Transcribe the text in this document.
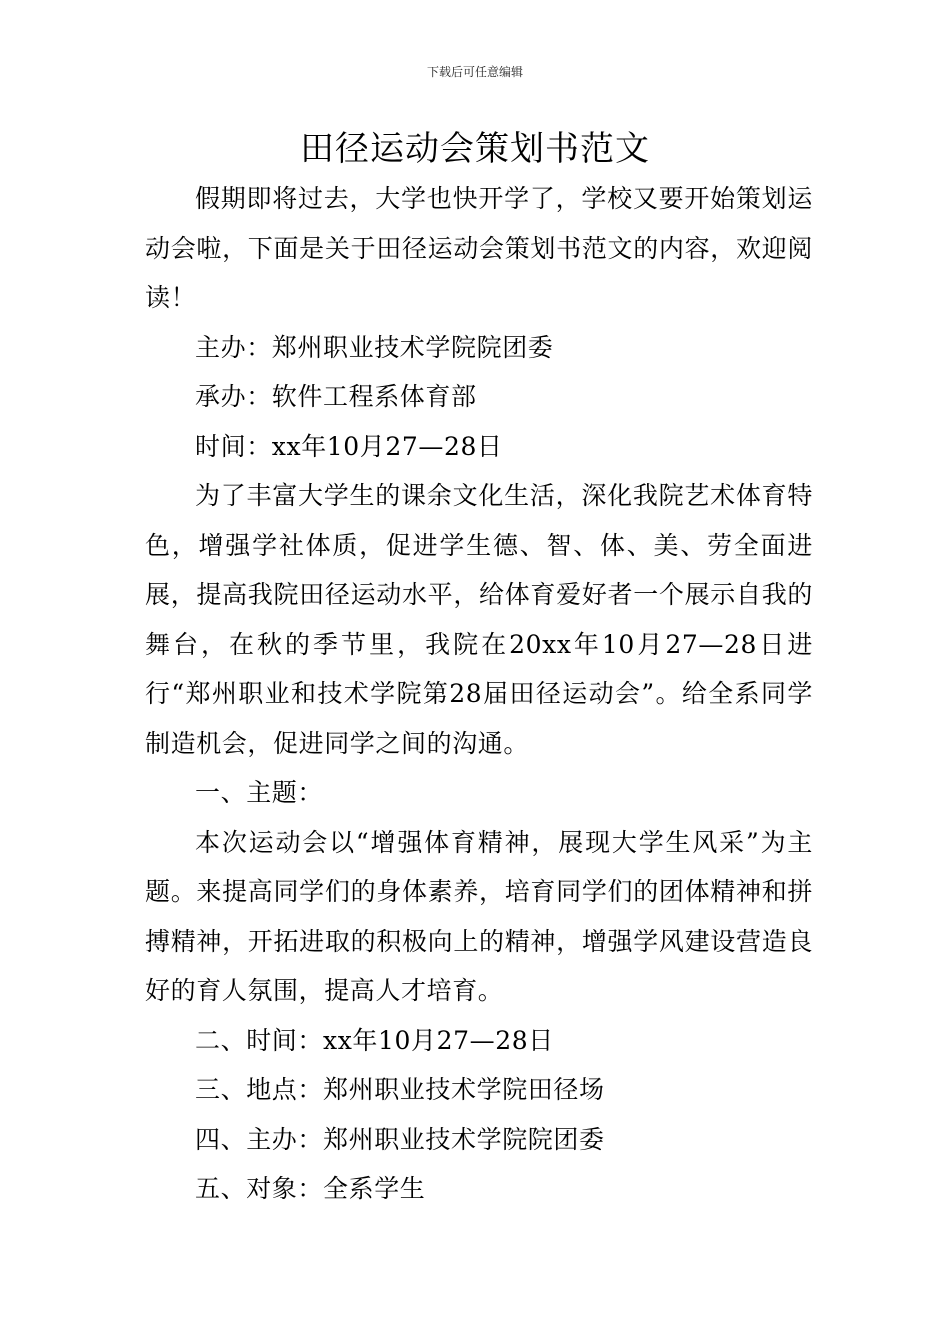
下载后可任意编辑
田径运动会策划书范文

假期即将过去，大学也快开学了，学校又要开始策划运动会啦，下面是关于田径运动会策划书范文的内容，欢迎阅读！

主办：郑州职业技术学院院团委

承办：软件工程系体育部

时间：xx年10月27—28日

为了丰富大学生的课余文化生活，深化我院艺术体育特色，增强学社体质，促进学生德、智、体、美、劳全面进展，提高我院田径运动水平，给体育爱好者一个展示自我的舞台，在秋的季节里，我院在20xx年10月27—28日进行“郑州职业和技术学院第28届田径运动会”。给全系同学制造机会，促进同学之间的沟通。

一、主题：

本次运动会以“增强体育精神，展现大学生风采”为主题。来提高同学们的身体素养，培育同学们的团体精神和拼搏精神，开拓进取的积极向上的精神，增强学风建设营造良好的育人氛围，提高人才培育。

二、时间：xx年10月27—28日

三、地点：郑州职业技术学院田径场

四、主办：郑州职业技术学院院团委

五、对象：全系学生
